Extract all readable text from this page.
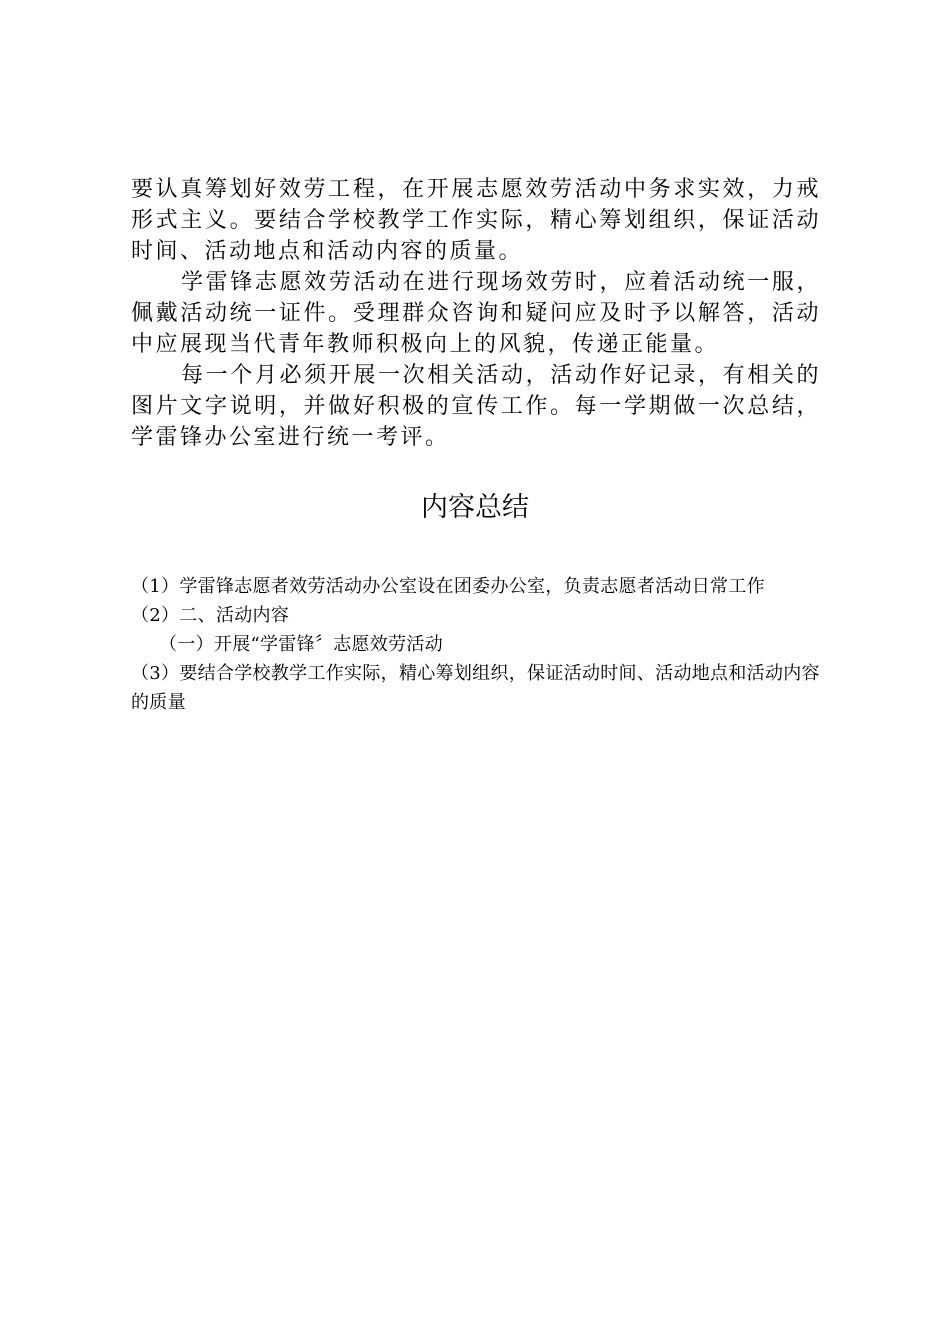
要认真筹划好效劳工程，在开展志愿效劳活动中务求实效，力戒形式主义。要结合学校教学工作实际，精心筹划组织，保证活动时间、活动地点和活动内容的质量。

学雷锋志愿效劳活动在进行现场效劳时，应着活动统一服，佩戴活动统一证件。受理群众咨询和疑问应及时予以解答，活动中应展现当代青年教师积极向上的风貌，传递正能量。

每一个月必须开展一次相关活动，活动作好记录，有相关的图片文字说明，并做好积极的宣传工作。每一学期做一次总结，学雷锋办公室进行统一考评。

内容总结

（1）学雷锋志愿者效劳活动办公室设在团委办公室，负责志愿者活动日常工作

（2）二、活动内容

（一）开展“学雷锋〞志愿效劳活动

（3）要结合学校教学工作实际，精心筹划组织，保证活动时间、活动地点和活动内容的质量
